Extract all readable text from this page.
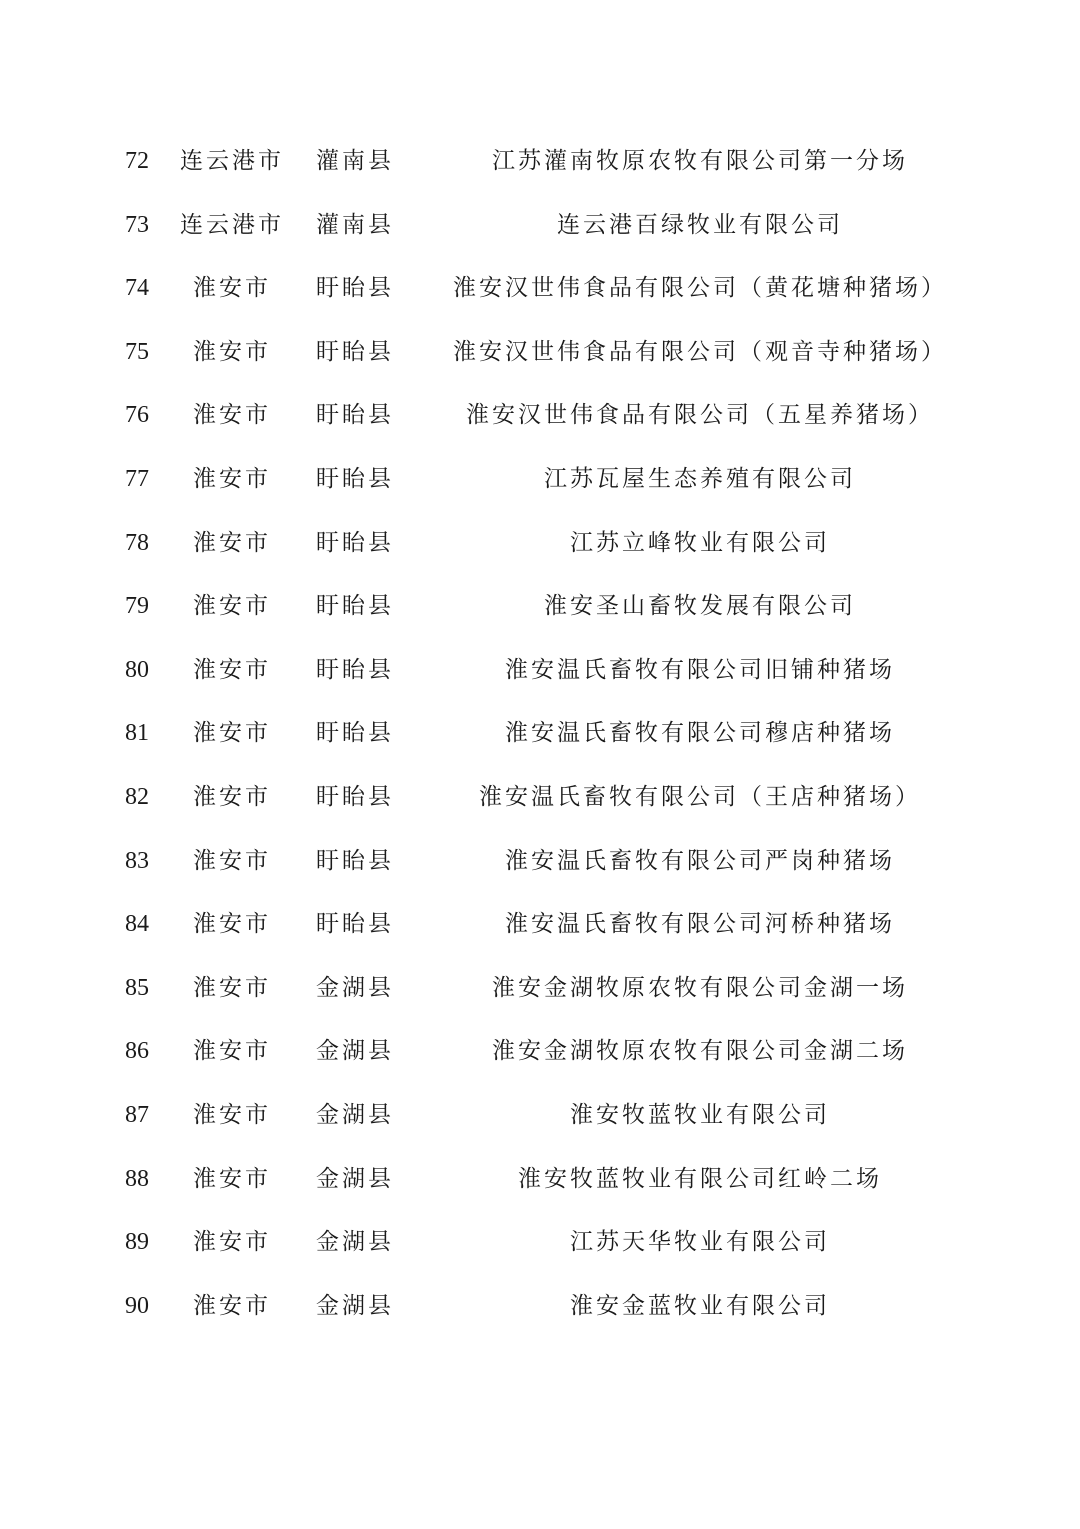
72	连云港市	灌南县	江苏灌南牧原农牧有限公司第一分场
73	连云港市	灌南县	连云港百绿牧业有限公司
74	淮安市	盱眙县	淮安汉世伟食品有限公司（黄花塘种猪场）
75	淮安市	盱眙县	淮安汉世伟食品有限公司（观音寺种猪场）
76	淮安市	盱眙县	淮安汉世伟食品有限公司（五星养猪场）
77	淮安市	盱眙县	江苏瓦屋生态养殖有限公司
78	淮安市	盱眙县	江苏立峰牧业有限公司
79	淮安市	盱眙县	淮安圣山畜牧发展有限公司
80	淮安市	盱眙县	淮安温氏畜牧有限公司旧铺种猪场
81	淮安市	盱眙县	淮安温氏畜牧有限公司穆店种猪场
82	淮安市	盱眙县	淮安温氏畜牧有限公司（王店种猪场）
83	淮安市	盱眙县	淮安温氏畜牧有限公司严岗种猪场
84	淮安市	盱眙县	淮安温氏畜牧有限公司河桥种猪场
85	淮安市	金湖县	淮安金湖牧原农牧有限公司金湖一场
86	淮安市	金湖县	淮安金湖牧原农牧有限公司金湖二场
87	淮安市	金湖县	淮安牧蓝牧业有限公司
88	淮安市	金湖县	淮安牧蓝牧业有限公司红岭二场
89	淮安市	金湖县	江苏天华牧业有限公司
90	淮安市	金湖县	淮安金蓝牧业有限公司
